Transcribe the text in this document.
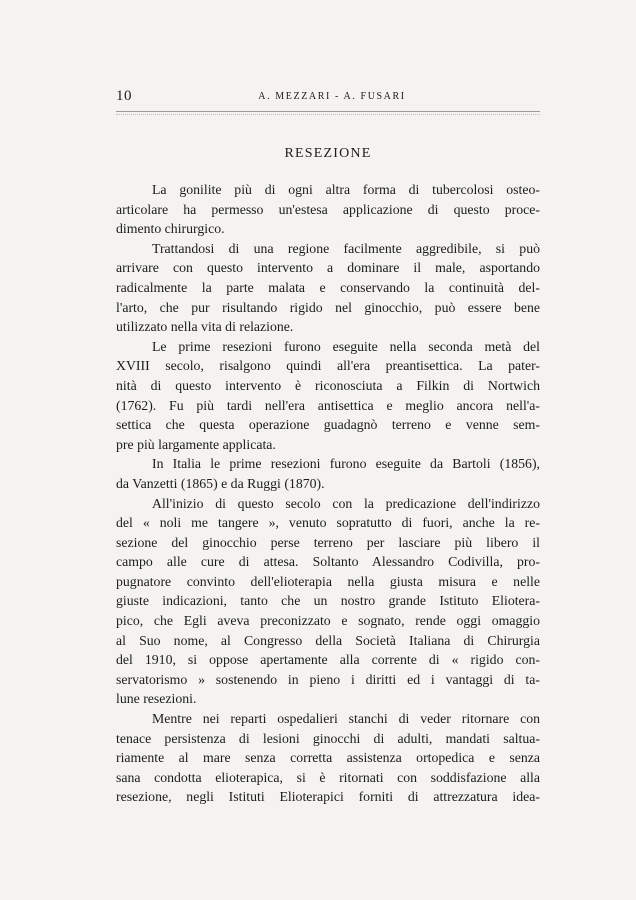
10	A. MEZZARI - A. FUSARI
RESEZIONE
La gonilite più di ogni altra forma di tubercolosi osteo-
articolare ha permesso un'estesa applicazione di questo proce-
dimento chirurgico.
Trattandosi di una regione facilmente aggredibile, si può
arrivare con questo intervento a dominare il male, asportando
radicalmente la parte malata e conservando la continuità del-
l'arto, che pur risultando rigido nel ginocchio, può essere bene
utilizzato nella vita di relazione.
Le prime resezioni furono eseguite nella seconda metà del
XVIII secolo, risalgono quindi all'era preantisettica. La pater-
nità di questo intervento è riconosciuta a Filkin di Nortwich
(1762). Fu più tardi nell'era antisettica e meglio ancora nell'a-
settica che questa operazione guadagnò terreno e venne sem-
pre più largamente applicata.
In Italia le prime resezioni furono eseguite da Bartoli (1856),
da Vanzetti (1865) e da Ruggi (1870).
All'inizio di questo secolo con la predicazione dell'indirizzo
del « noli me tangere », venuto sopratutto di fuori, anche la re-
sezione del ginocchio perse terreno per lasciare più libero il
campo alle cure di attesa. Soltanto Alessandro Codivilla, pro-
pugnatore convinto dell'elioterapia nella giusta misura e nelle
giuste indicazioni, tanto che un nostro grande Istituto Eliotera-
pico, che Egli aveva preconizzato e sognato, rende oggi omaggio
al Suo nome, al Congresso della Società Italiana di Chirurgia
del 1910, si oppose apertamente alla corrente di « rigido con-
servatorismo » sostenendo in pieno i diritti ed i vantaggi di ta-
lune resezioni.
Mentre nei reparti ospedalieri stanchi di veder ritornare con
tenace persistenza di lesioni ginocchi di adulti, mandati saltua-
riamente al mare senza corretta assistenza ortopedica e senza
sana condotta elioterapica, si è ritornati con soddisfazione alla
resezione, negli Istituti Elioterapici forniti di attrezzatura idea-
